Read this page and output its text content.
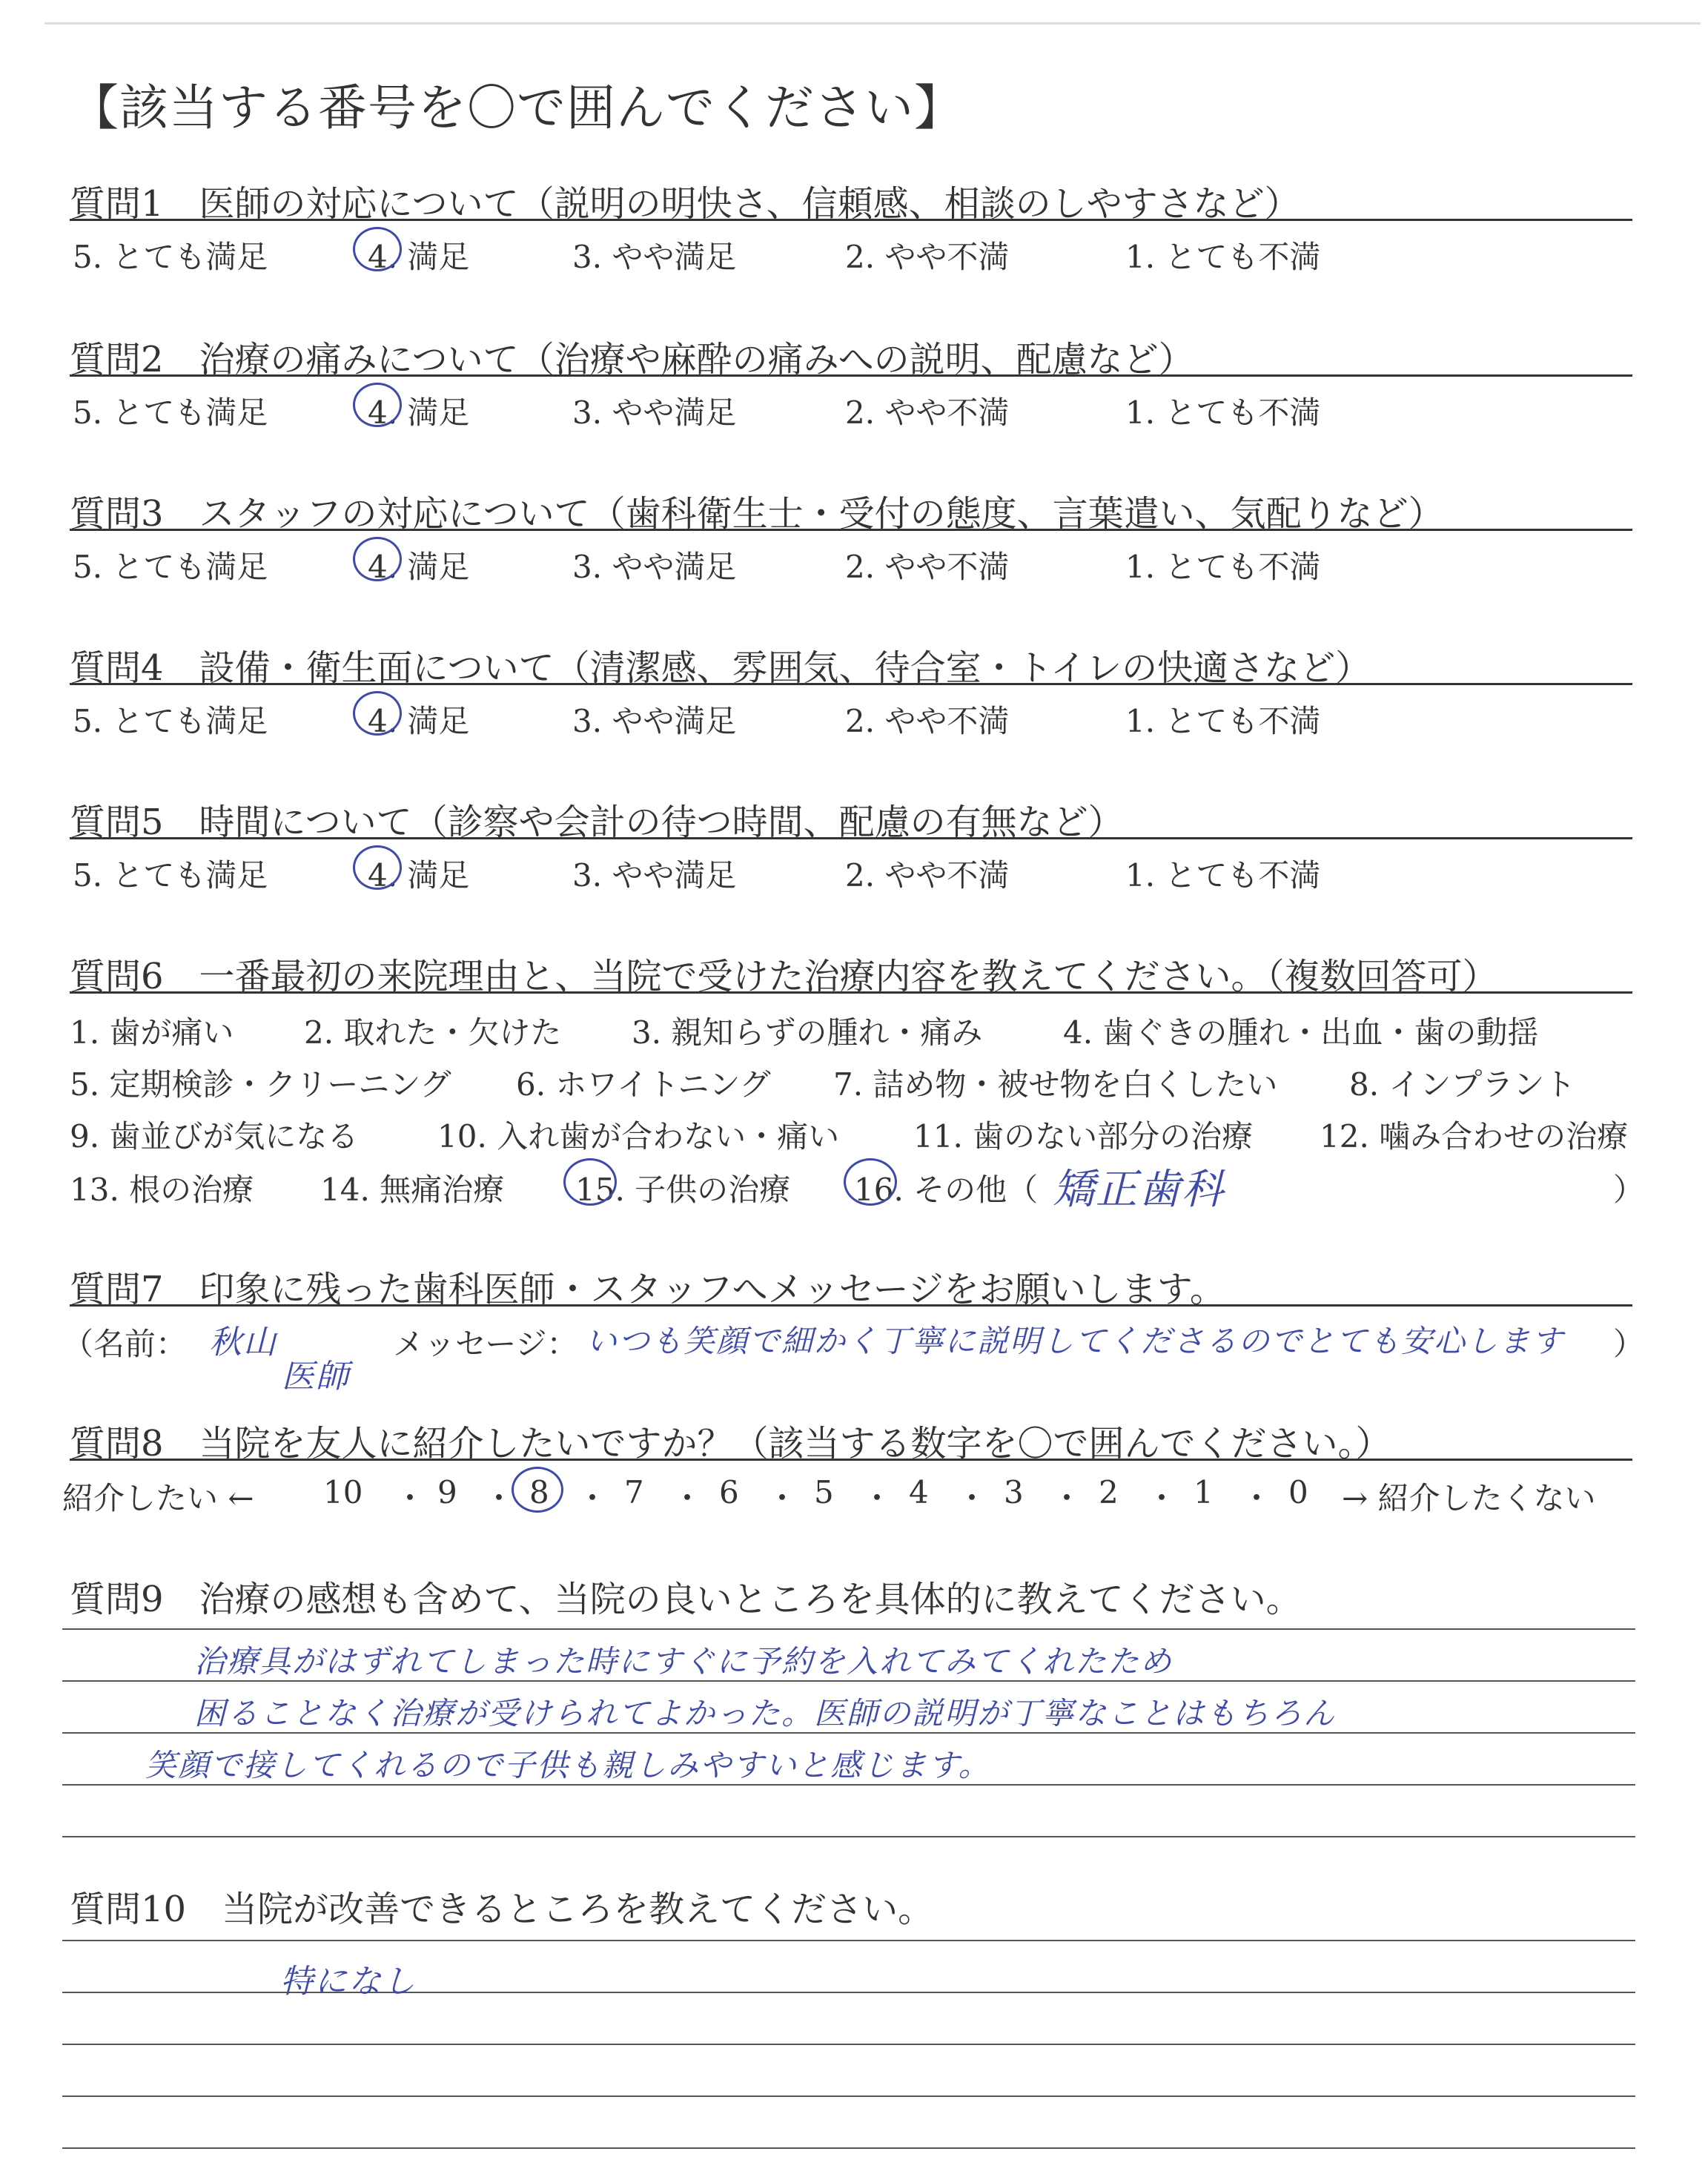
【該当する番号を〇で囲んでください】
質問1　医師の対応について（説明の明快さ、信頼感、相談のしやすさなど）
5. とても満足	4. 満足	3. やや満足	2. やや不満	1. とても不満
質問2　治療の痛みについて（治療や麻酔の痛みへの説明、配慮など）
5. とても満足	4. 満足	3. やや満足	2. やや不満	1. とても不満
質問3　スタッフの対応について（歯科衛生士・受付の態度、言葉遣い、気配りなど）
5. とても満足	4. 満足	3. やや満足	2. やや不満	1. とても不満
質問4　設備・衛生面について（清潔感、雰囲気、待合室・トイレの快適さなど）
5. とても満足	4. 満足	3. やや満足	2. やや不満	1. とても不満
質問5　時間について（診察や会計の待つ時間、配慮の有無など）
5. とても満足	4. 満足	3. やや満足	2. やや不満	1. とても不満
質問6　一番最初の来院理由と、当院で受けた治療内容を教えてください。（複数回答可）
1. 歯が痛い 2. 取れた・欠けた 3. 親知らずの腫れ・痛み	4. 歯ぐきの腫れ・出血・歯の動揺
5. 定期検診・クリーニング 6. ホワイトニング 7. 詰め物・被せ物を白くしたい 8. インプラント
9. 歯並びが気になる	10. 入れ歯が合わない・痛い 11. 歯のない部分の治療 12. 噛み合わせの治療
13. 根の治療 14. 無痛治療 15. 子供の治療 16. その他（ 矯正歯科	）
質問7　印象に残った歯科医師・スタッフへメッセージをお願いします。
（名前： 秋山
医師
メッセージ： いつも笑顔で細かく丁寧に説明してくださるのでとても安心します ）
質問8　当院を友人に紹介したいですか？（該当する数字を〇で囲んでください。）
紹介したい ← 10 ・ 9 ・ 8 ・ 7 ・ 6 ・ 5 ・ 4 ・ 3 ・ 2 ・ 1 ・ 0 → 紹介したくない
質問9　治療の感想も含めて、当院の良いところを具体的に教えてください。
治療具がはずれてしまった時にすぐに予約を入れてみてくれたため
困ることなく治療が受けられてよかった。医師の説明が丁寧なことはもちろん
笑顔で接してくれるので子供も親しみやすいと感じます。
質問10　当院が改善できるところを教えてください。
特になし
